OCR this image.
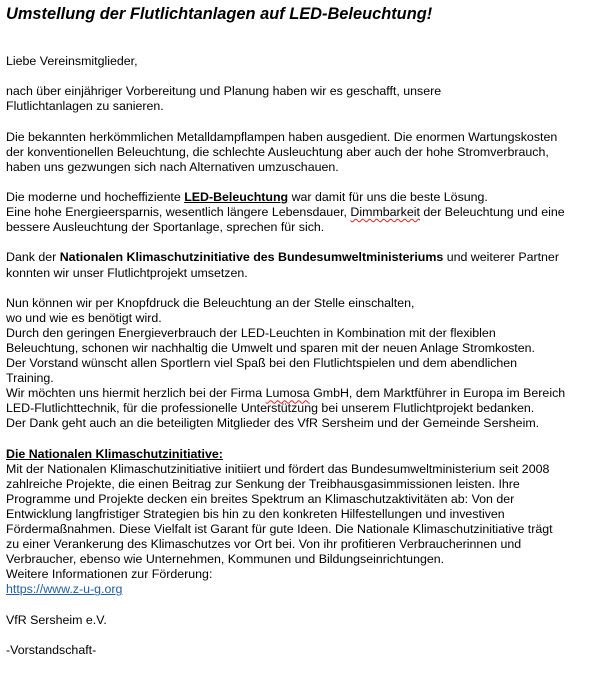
Umstellung der Flutlichtanlagen auf LED-Beleuchtung!

Liebe Vereinsmitglieder,

nach über einjähriger Vorbereitung und Planung haben wir es geschafft, unsere

Flutlichtanlagen zu sanieren.

Die bekannten herkömmlichen Metalldampflampen haben ausgedient. Die enormen Wartungskosten

der konventionellen Beleuchtung, die schlechte Ausleuchtung aber auch der hohe Stromverbrauch,

haben uns gezwungen sich nach Alternativen umzuschauen.

Die moderne und hocheffiziente LED-Beleuchtung war damit für uns die beste Lösung.

Eine hohe Energieersparnis, wesentlich längere Lebensdauer, Dimmbarkeit der Beleuchtung und eine

bessere Ausleuchtung der Sportanlage, sprechen für sich.

Dank der Nationalen Klimaschutzinitiative des Bundesumweltministeriums und weiterer Partner

konnten wir unser Flutlichtprojekt umsetzen.

Nun können wir per Knopfdruck die Beleuchtung an der Stelle einschalten,

wo und wie es benötigt wird.

Durch den geringen Energieverbrauch der LED-Leuchten in Kombination mit der flexiblen

Beleuchtung, schonen wir nachhaltig die Umwelt und sparen mit der neuen Anlage Stromkosten.

Der Vorstand wünscht allen Sportlern viel Spaß bei den Flutlichtspielen und dem abendlichen

Training.

Wir möchten uns hiermit herzlich bei der Firma Lumosa GmbH, dem Marktführer in Europa im Bereich

LED-Flutlichttechnik, für die professionelle Unterstützung bei unserem Flutlichtprojekt bedanken.

Der Dank geht auch an die beteiligten Mitglieder des VfR Sersheim und der Gemeinde Sersheim.

Die Nationalen Klimaschutzinitiative:

Mit der Nationalen Klimaschutzinitiative initiiert und fördert das Bundesumweltministerium seit 2008

zahlreiche Projekte, die einen Beitrag zur Senkung der Treibhausgasimmissionen leisten. Ihre

Programme und Projekte decken ein breites Spektrum an Klimaschutzaktivitäten ab: Von der

Entwicklung langfristiger Strategien bis hin zu den konkreten Hilfestellungen und investiven

Fördermaßnahmen. Diese Vielfalt ist Garant für gute Ideen. Die Nationale Klimaschutzinitiative trägt

zu einer Verankerung des Klimaschutzes vor Ort bei. Von ihr profitieren Verbraucherinnen und

Verbraucher, ebenso wie Unternehmen, Kommunen und Bildungseinrichtungen.

Weitere Informationen zur Förderung:

https://www.z-u-g.org

VfR Sersheim e.V.

-Vorstandschaft-
